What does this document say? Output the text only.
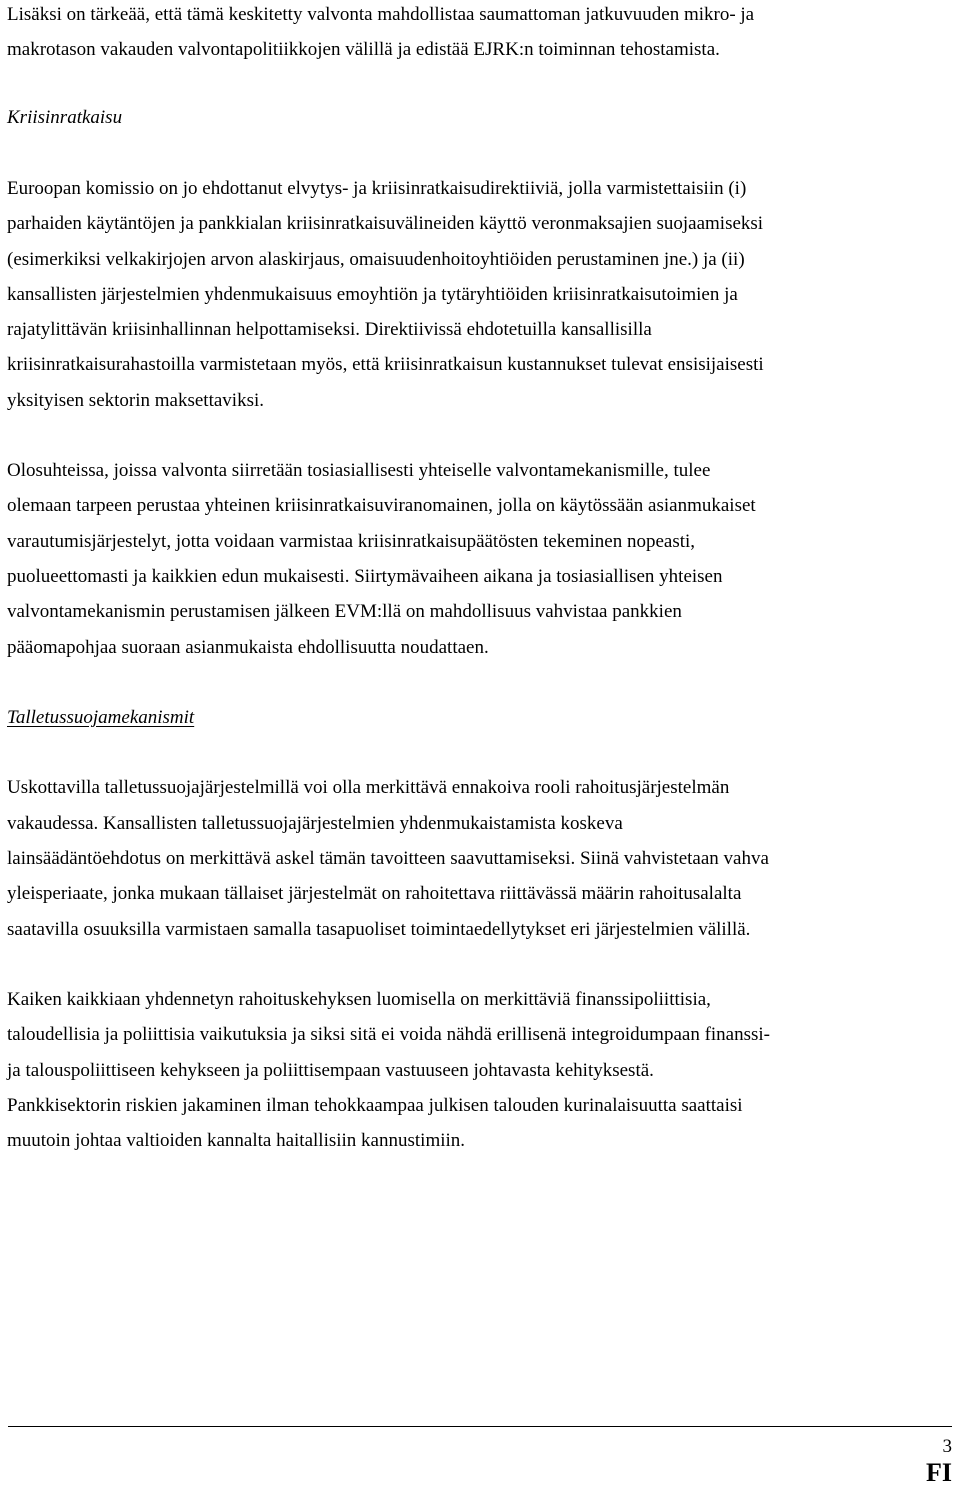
Lisäksi on tärkeää, että tämä keskitetty valvonta mahdollistaa saumattoman jatkuvuuden mikro- ja
makrotason vakauden valvontapolitiikkojen välillä ja edistää EJRK:n toiminnan tehostamista.
Kriisinratkaisu
Euroopan komissio on jo ehdottanut elvytys- ja kriisinratkaisudirektiiviä, jolla varmistettaisiin (i)
parhaiden käytäntöjen ja pankkialan kriisinratkaisuvälineiden käyttö veronmaksajien suojaamiseksi
(esimerkiksi velkakirjojen arvon alaskirjaus, omaisuudenhoitoyhtiöiden perustaminen jne.) ja (ii)
kansallisten järjestelmien yhdenmukaisuus emoyhtiön ja tytäryhtiöiden kriisinratkaisutoimien ja
rajatylittävän kriisinhallinnan helpottamiseksi. Direktiivissä ehdotetuilla kansallisilla
kriisinratkaisurahastoilla varmistetaan myös, että kriisinratkaisun kustannukset tulevat ensisijaisesti
yksityisen sektorin maksettaviksi.
Olosuhteissa, joissa valvonta siirretään tosiasiallisesti yhteiselle valvontamekanismille, tulee
olemaan tarpeen perustaa yhteinen kriisinratkaisuviranomainen, jolla on käytössään asianmukaiset
varautumisjärjestelyt, jotta voidaan varmistaa kriisinratkaisupäätösten tekeminen nopeasti,
puolueettomasti ja kaikkien edun mukaisesti. Siirtymävaiheen aikana ja tosiasiallisen yhteisen
valvontamekanismin perustamisen jälkeen EVM:llä on mahdollisuus vahvistaa pankkien
pääomapohjaa suoraan asianmukaista ehdollisuutta noudattaen.
Talletussuojamekanismit
Uskottavilla talletussuojajärjestelmillä voi olla merkittävä ennakoiva rooli rahoitusjärjestelmän
vakaudessa. Kansallisten talletussuojajärjestelmien yhdenmukaistamista koskeva
lainsäädäntöehdotus on merkittävä askel tämän tavoitteen saavuttamiseksi. Siinä vahvistetaan vahva
yleisperiaate, jonka mukaan tällaiset järjestelmät on rahoitettava riittävässä määrin rahoitusalalta
saatavilla osuuksilla varmistaen samalla tasapuoliset toimintaedellytykset eri järjestelmien välillä.
Kaiken kaikkiaan yhdennetyn rahoituskehyksen luomisella on merkittäviä finanssipoliittisia,
taloudellisia ja poliittisia vaikutuksia ja siksi sitä ei voida nähdä erillisenä integroidumpaan finanssi-
ja talouspoliittiseen kehykseen ja poliittisempaan vastuuseen johtavasta kehityksestä.
Pankkisektorin riskien jakaminen ilman tehokkaampaa julkisen talouden kurinalaisuutta saattaisi
muutoin johtaa valtioiden kannalta haitallisiin kannustimiin.
3
FI
